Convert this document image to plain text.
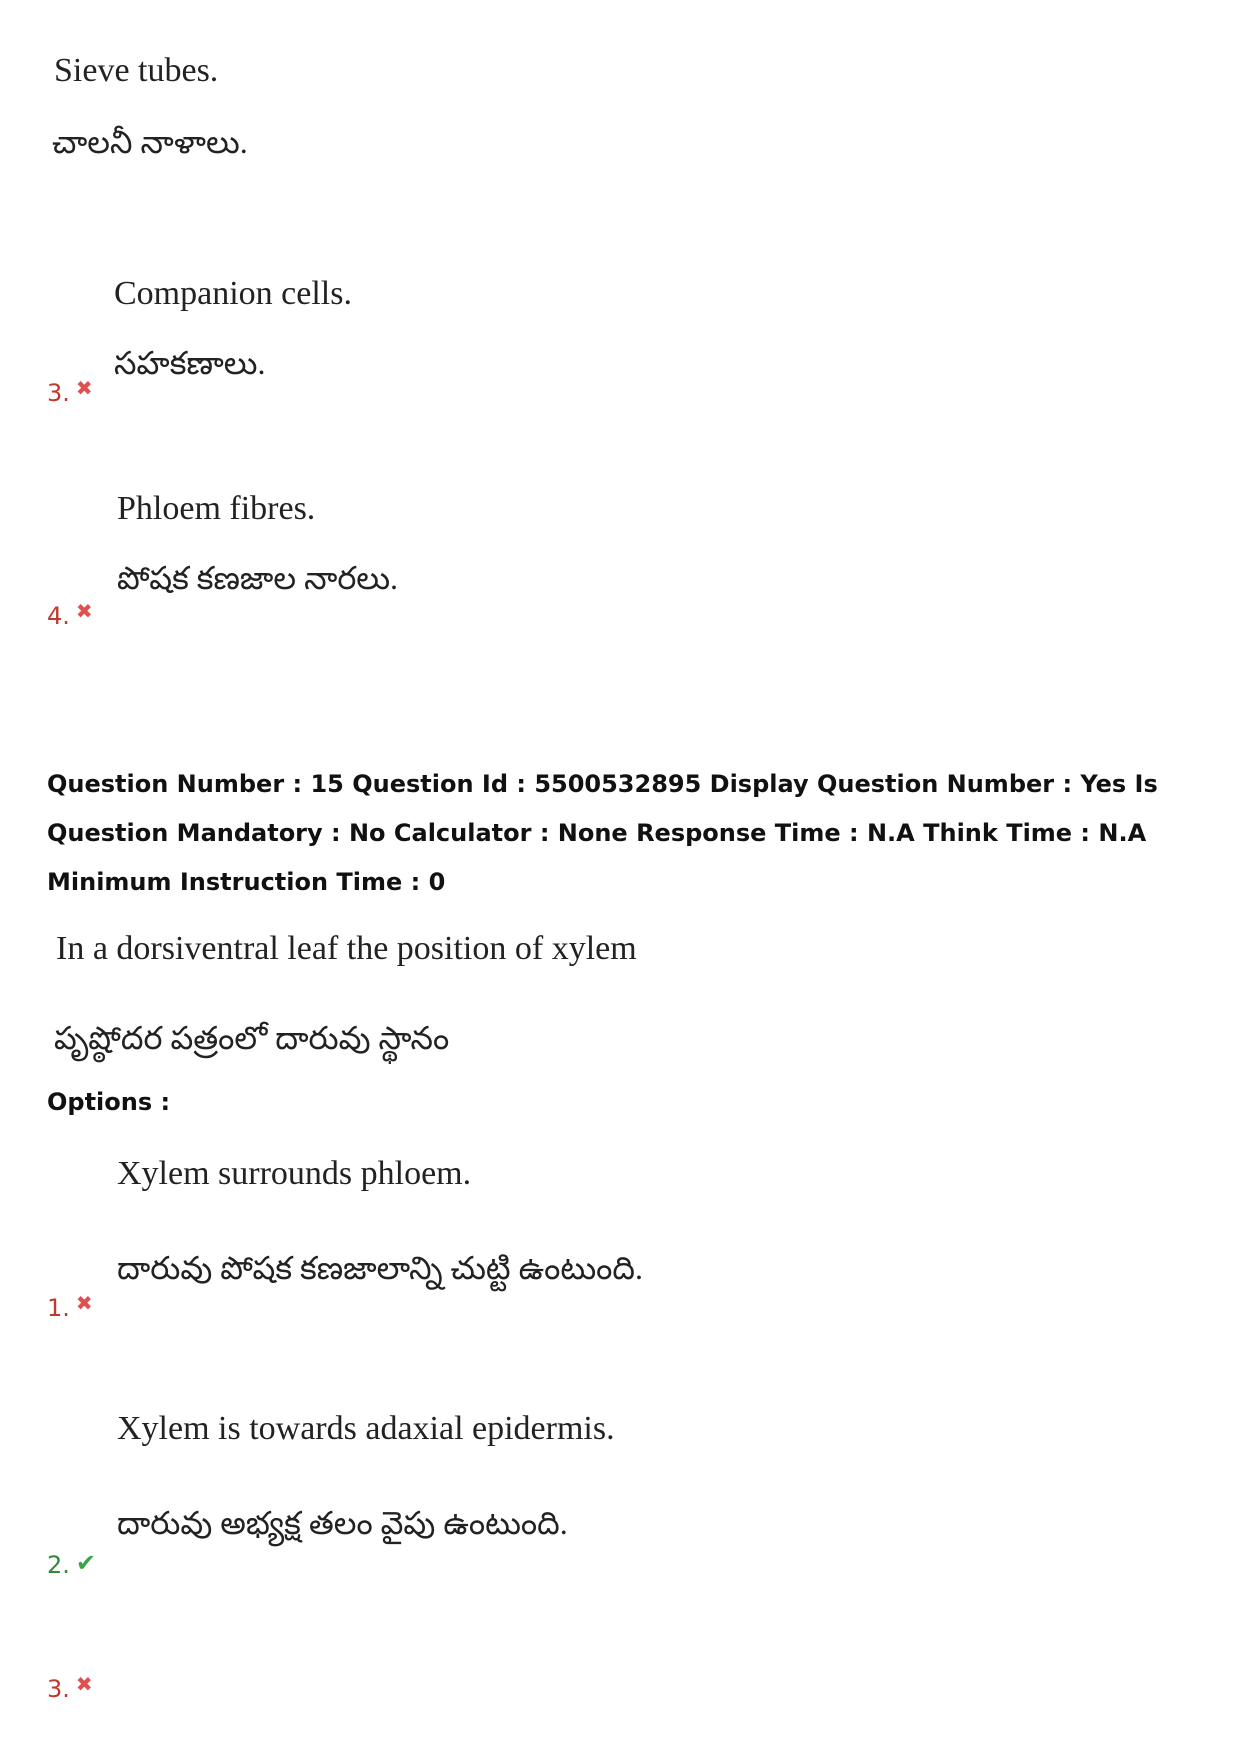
Sieve tubes.
చాలనీ నాళాలు.
Companion cells.
సహకణాలు.
3. ✖
Phloem fibres.
పోషక కణజాల నారలు.
4. ✖
Question Number : 15 Question Id : 5500532895 Display Question Number : Yes Is Question Mandatory : No Calculator : None Response Time : N.A Think Time : N.A Minimum Instruction Time : 0
In a dorsiventral leaf the position of xylem
పృష్ఠోదర పత్రంలో దారువు స్థానం
Options :
Xylem surrounds phloem.
దారువు పోషక కణజాలాన్ని చుట్టి ఉంటుంది.
1. ✖
Xylem is towards adaxial epidermis.
దారువు అభ్యక్ష తలం వైపు ఉంటుంది.
2. ✔
3. ✖
